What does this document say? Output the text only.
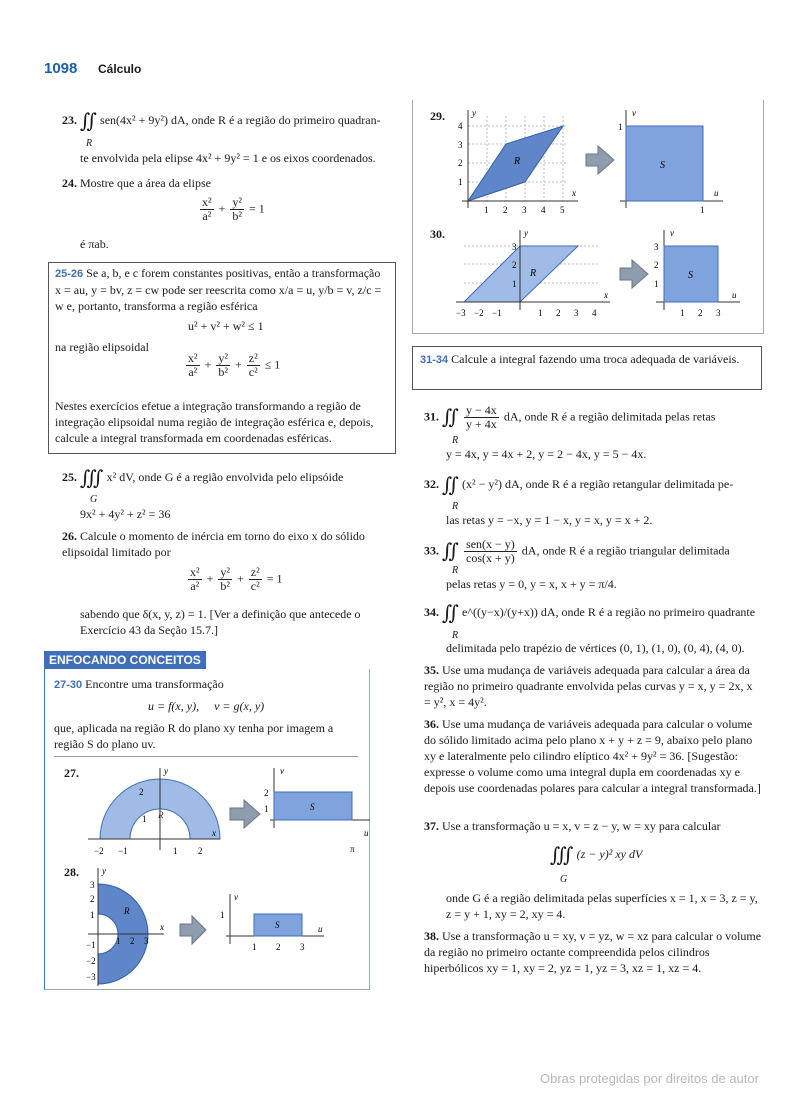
1098 Cálculo
23. ∬ sen(4x² + 9y²) dA, onde R é a região do primeiro quadran-
R
te envolvida pela elipse 4x² + 9y² = 1 e os eixos coordenados.
24. Mostre que a área da elipse
$\frac{\text{x²}}{\text{a²}} + \frac{\text{y²}}{\text{b²}} = 1$
é πab.
25-26 Se a, b, e c forem constantes positivas, então a transformação x = au, y = bv, z = cw pode ser reescrita como x/a = u, y/b = v, z/c = w e, portanto, transforma a região esférica
u² + v² + w² ≤ 1
na região elipsoidal
$\frac{\text{x²}}{\text{a²}} + \frac{\text{y²}}{\text{b²}} + \frac{\text{z²}}{\text{c²}} \le 1$
Nestes exercícios efetue a integração transformando a região de integração elipsoidal numa região de integração esférica e, depois, calcule a integral transformada em coordenadas esféricas.
25. ∭ x² dV, onde G é a região envolvida pelo elipsóide
G
9x² + 4y² + z² = 36
26. Calcule o momento de inércia em torno do eixo x do sólido elipsoidal limitado por
$\frac{\text{x²}}{\text{a²}} + \frac{\text{y²}}{\text{b²}} + \frac{\text{z²}}{\text{c²}} = 1$
sabendo que δ(x, y, z) = 1. [Ver a definição que antecede o Exercício 43 da Seção 15.7.]
ENFOCANDO CONCEITOS
27-30 Encontre uma transformação
u = f(x, y),     v = g(x, y)
que, aplicada na região R do plano xy tenha por imagem a região S do plano uv.
27.	y
x
R
2
1
−2 −1	1 2
v
u
S
2
1
π
28.	y
x
R
3
2
1
−1
−2
−3
1 2 3
v
u
S
1
1 2 3
29.	y
x
R
4
3
2
1
1 2 3 4 5
v
u
S
1
1
30.	y
x
R
3
2
1
−3 −2 −1	1 2 3 4
v
u
S
3
2
1
1 2 3
31-34 Calcule a integral fazendo uma troca adequada de variáveis.
31. ∬ $\frac{y - 4x}{y + 4x}$ dA, onde R é a região delimitada pelas retas
R
y = 4x, y = 4x + 2, y = 2 − 4x, y = 5 − 4x.
32. ∬ (x² − y²) dA, onde R é a região retangular delimitada pe-
R
las retas y = −x, y = 1 − x, y = x, y = x + 2.
33. ∬ $\frac{\text{sen(x − y)}}{\cos(x + y)}$ dA, onde R é a região triangular delimitada
R
pelas retas y = 0, y = x, x + y = π/4.
34. ∬ e^((y−x)/(y+x)) dA, onde R é a região no primeiro quadrante
R
delimitada pelo trapézio de vértices (0, 1), (1, 0), (0, 4), (4, 0).
35. Use uma mudança de variáveis adequada para calcular a área da região no primeiro quadrante envolvida pelas curvas y = x, y = 2x, x = y², x = 4y².
36. Use uma mudança de variáveis adequada para calcular o volume do sólido limitado acima pelo plano x + y + z = 9, abaixo pelo plano xy e lateralmente pelo cilindro elíptico 4x² + 9y² = 36. [Sugestão: expresse o volume como uma integral dupla em coordenadas xy e depois use coordenadas polares para calcular a integral transformada.]
37. Use a transformação u = x, v = z − y, w = xy para calcular
∭ (z − y)² xy dV
G
onde G é a região delimitada pelas superfícies x = 1, x = 3, z = y, z = y + 1, xy = 2, xy = 4.
38. Use a transformação u = xy, v = yz, w = xz para calcular o volume da região no primeiro octante compreendida pelos cilindros hiperbólicos xy = 1, xy = 2, yz = 1, yz = 3, xz = 1, xz = 4.
Obras protegidas por direitos de autor
